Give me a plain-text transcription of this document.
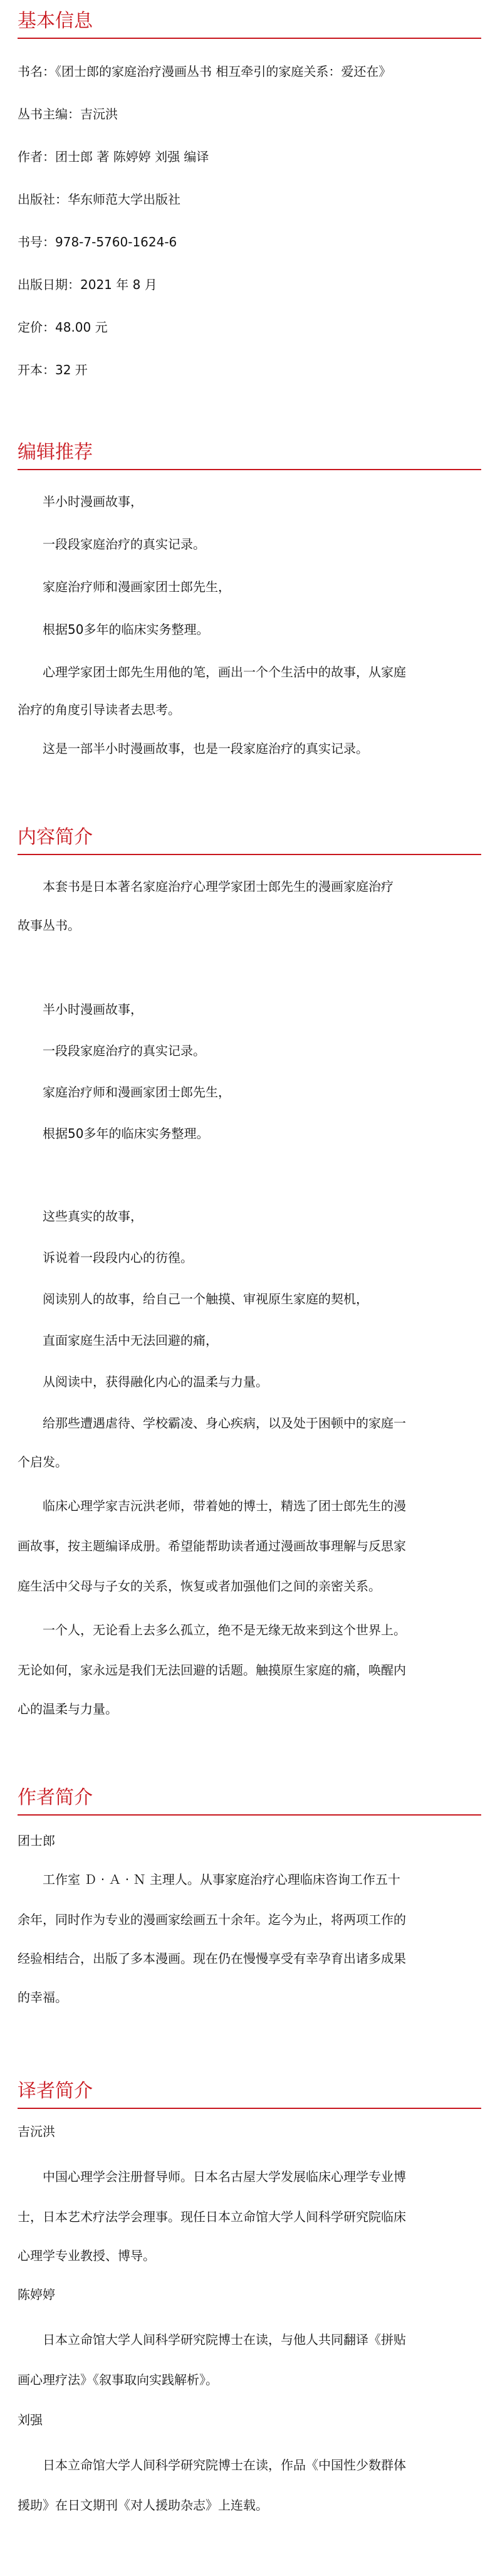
基本信息
书名：《团士郎的家庭治疗漫画丛书 相互牵引的家庭关系：爱还在》
丛书主编：吉沅洪
作者：团士郎 著 陈婷婷 刘强 编译
出版社：华东师范大学出版社
书号：978-7-5760-1624-6
出版日期：2021 年 8 月
定价：48.00 元
开本：32 开
编辑推荐
半小时漫画故事，
一段段家庭治疗的真实记录。
家庭治疗师和漫画家团士郎先生，
根据50多年的临床实务整理。
心理学家团士郎先生用他的笔，画出一个个生活中的故事，从家庭
治疗的角度引导读者去思考。
这是一部半小时漫画故事，也是一段家庭治疗的真实记录。
内容简介
本套书是日本著名家庭治疗心理学家团士郎先生的漫画家庭治疗
故事丛书。
半小时漫画故事，
一段段家庭治疗的真实记录。
家庭治疗师和漫画家团士郎先生，
根据50多年的临床实务整理。
这些真实的故事，
诉说着一段段内心的彷徨。
阅读别人的故事，给自己一个触摸、审视原生家庭的契机，
直面家庭生活中无法回避的痛，
从阅读中，获得融化内心的温柔与力量。
给那些遭遇虐待、学校霸凌、身心疾病，以及处于困顿中的家庭一
个启发。
临床心理学家吉沅洪老师，带着她的博士，精选了团士郎先生的漫
画故事，按主题编译成册。希望能帮助读者通过漫画故事理解与反思家
庭生活中父母与子女的关系，恢复或者加强他们之间的亲密关系。
一个人，无论看上去多么孤立，绝不是无缘无故来到这个世界上。
无论如何，家永远是我们无法回避的话题。触摸原生家庭的痛，唤醒内
心的温柔与力量。
作者简介
团士郎
工作室 Ｄ · Ａ · Ｎ 主理人。从事家庭治疗心理临床咨询工作五十
余年，同时作为专业的漫画家绘画五十余年。迄今为止，将两项工作的
经验相结合，出版了多本漫画。现在仍在慢慢享受有幸孕育出诸多成果
的幸福。
译者简介
吉沅洪
中国心理学会注册督导师。日本名古屋大学发展临床心理学专业博
士，日本艺术疗法学会理事。现任日本立命馆大学人间科学研究院临床
心理学专业教授、博导。
陈婷婷
日本立命馆大学人间科学研究院博士在读，与他人共同翻译《拼贴
画心理疗法》《叙事取向实践解析》。
刘强
日本立命馆大学人间科学研究院博士在读，作品《中国性少数群体
援助》在日文期刊《对人援助杂志》上连载。
